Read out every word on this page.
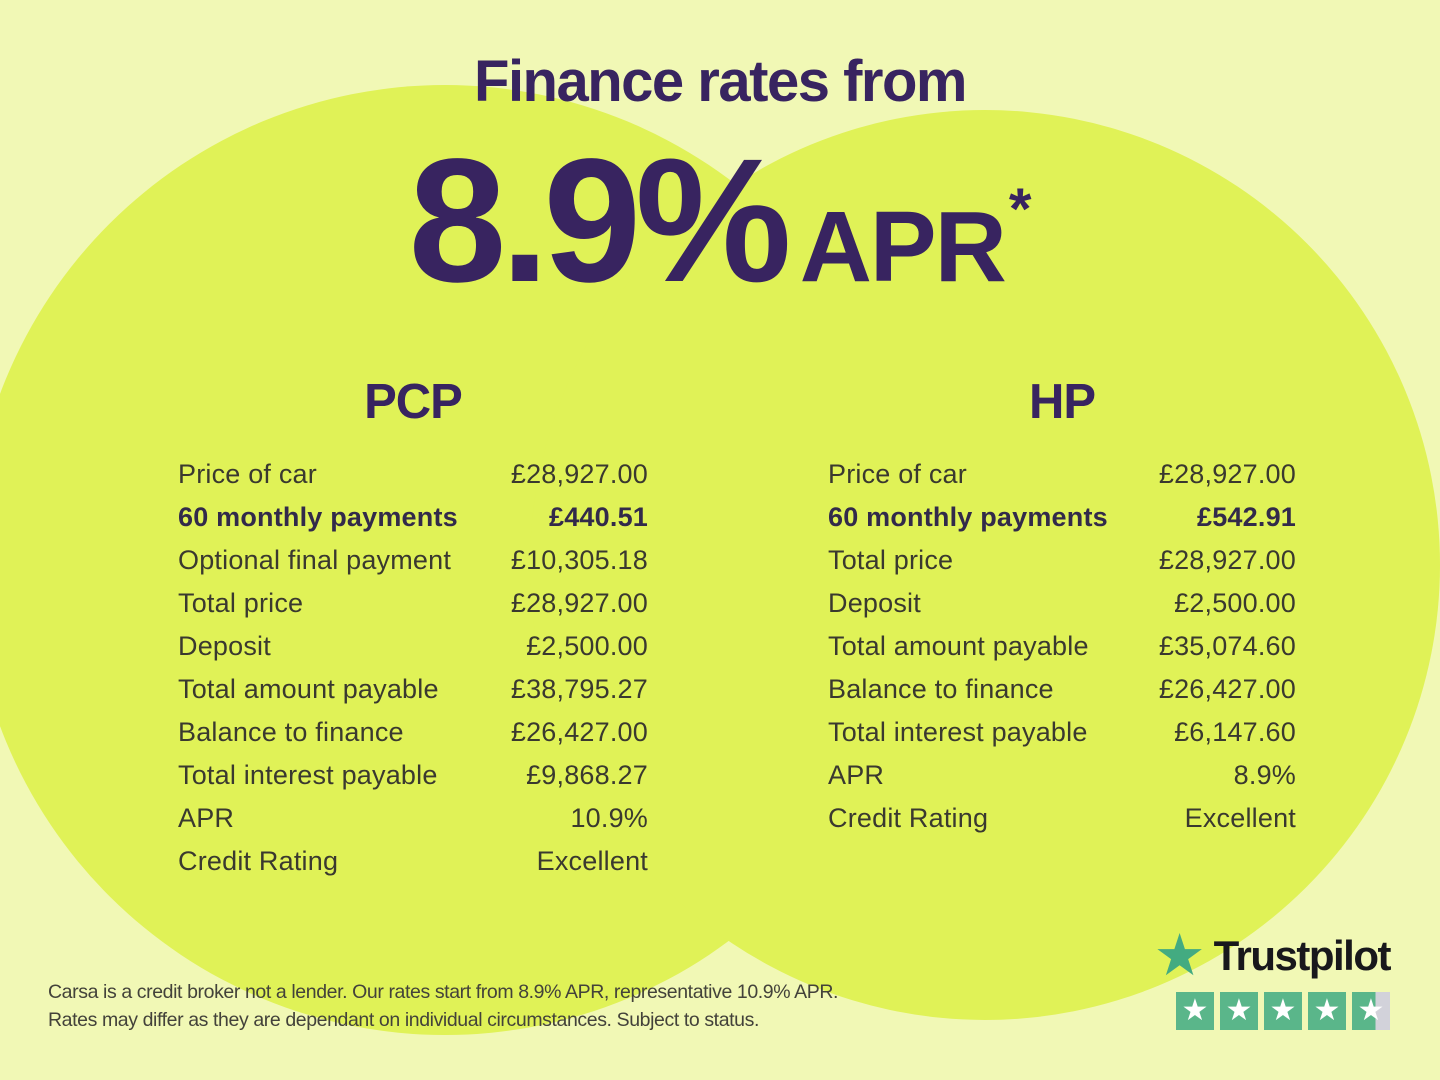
Finance rates from
8.9% APR *
PCP
Price of car	£28,927.00
60 monthly payments	£440.51
Optional final payment £10,305.18
Total price	£28,927.00
Deposit	£2,500.00
Total amount payable	£38,795.27
Balance to finance	£26,427.00
Total interest payable	£9,868.27
APR	10.9%
Credit Rating	Excellent
HP
Price of car	£28,927.00
60 monthly payments	£542.91
Total price	£28,927.00
Deposit	£2,500.00
Total amount payable	£35,074.60
Balance to finance	£26,427.00
Total interest payable	£6,147.60
APR	8.9%
Credit Rating	Excellent
Carsa is a credit broker not a lender. Our rates start from 8.9% APR, representative 10.9% APR.
Rates may differ as they are dependant on individual circumstances. Subject to status.
★ Trustpilot
★ ★ ★ ★ ★
